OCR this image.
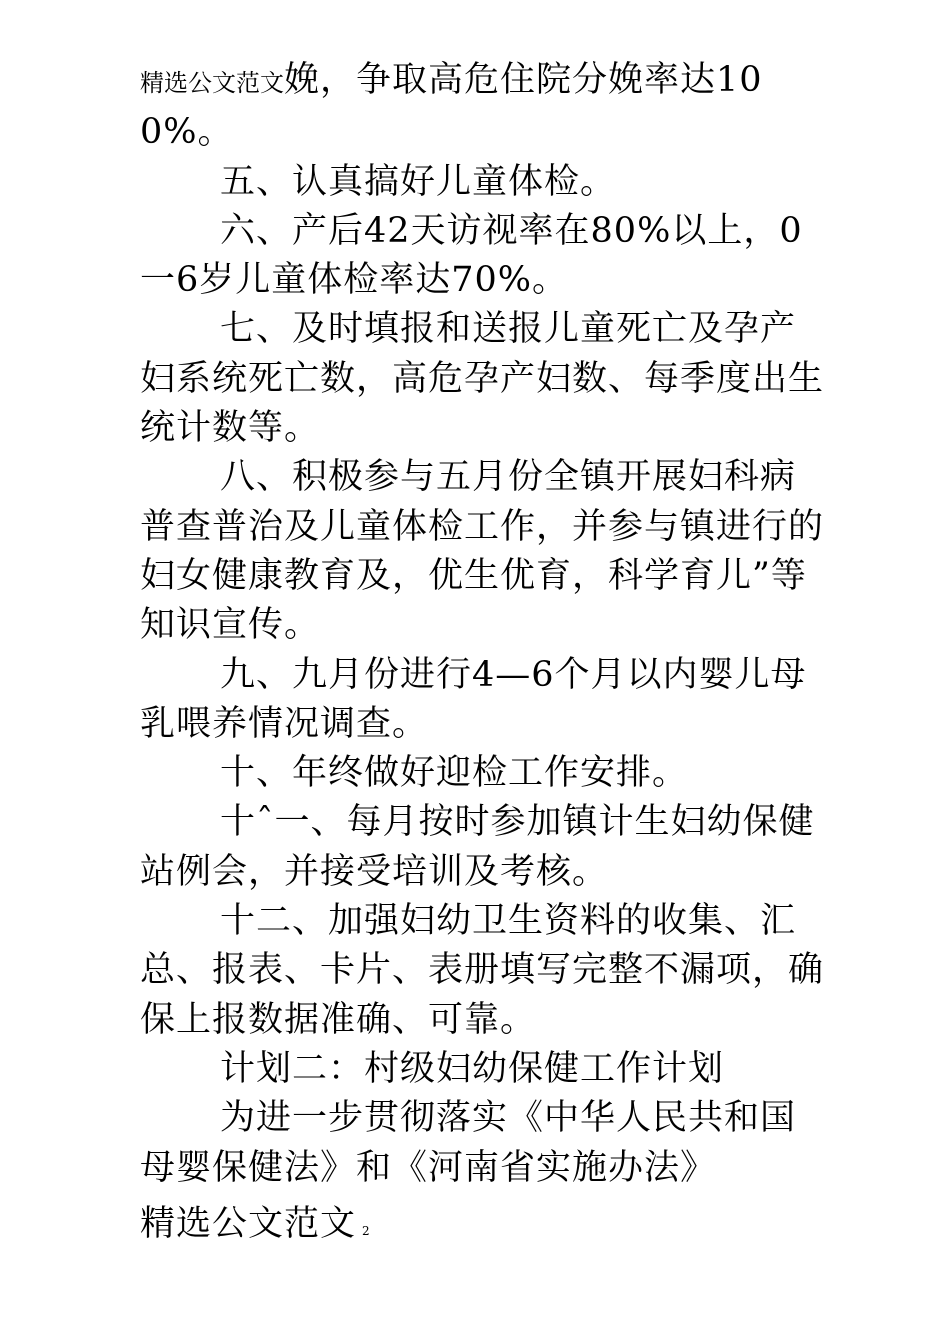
精选公文范文娩，争取高危住院分娩率达100%。

五、认真搞好儿童体检。

六、产后42天访视率在80%以上，0一6岁儿童体检率达70%。

七、及时填报和送报儿童死亡及孕产妇系统死亡数，高危孕产妇数、每季度出生统计数等。

八、积极参与五月份全镇开展妇科病普查普治及儿童体检工作，并参与镇进行的妇女健康教育及，优生优育，科学育儿”等知识宣传。

九、九月份进行4—6个月以内婴儿母乳喂养情况调查。

十、年终做好迎检工作安排。

十ˆ一、每月按时参加镇计生妇幼保健站例会，并接受培训及考核。

十二、加强妇幼卫生资料的收集、汇总、报表、卡片、表册填写完整不漏项，确保上报数据准确、可靠。

计划二：村级妇幼保健工作计划

为进一步贯彻落实《中华人民共和国母婴保健法》和《河南省实施办法》

精选公文范文 2
